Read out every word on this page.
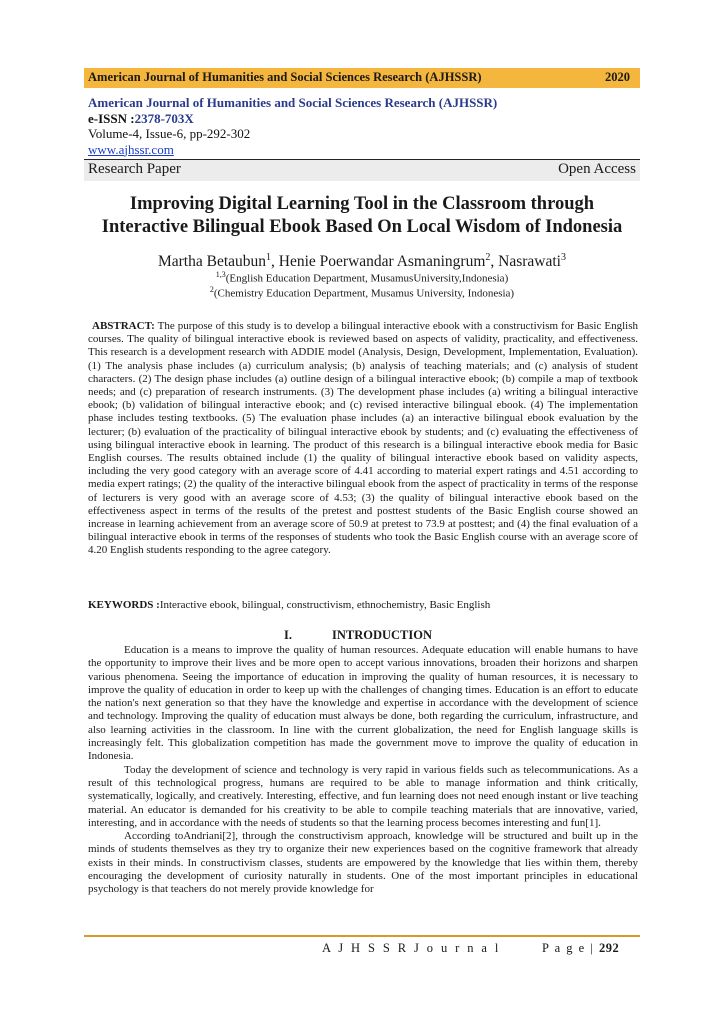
American Journal of Humanities and Social Sciences Research (AJHSSR)	2020
American Journal of Humanities and Social Sciences Research (AJHSSR)
e-ISSN :2378-703X
Volume-4, Issue-6, pp-292-302
www.ajhssr.com
Research Paper	Open Access
Improving Digital Learning Tool in the Classroom through
Interactive Bilingual Ebook Based On Local Wisdom of Indonesia
Martha Betaubun$^1$, Henie Poerwandar Asmaningrum$^2$, Nasrawati$^3$
$^{1,3}$(English Education Department, MusamusUniversity,Indonesia)
$^2$(Chemistry Education Department, Musamus University, Indonesia)
ABSTRACT: The purpose of this study is to develop a bilingual interactive ebook with a constructivism for Basic English courses. The quality of bilingual interactive ebook is reviewed based on aspects of validity, practicality, and effectiveness. This research is a development research with ADDIE model (Analysis, Design, Development, Implementation, Evaluation). (1) The analysis phase includes (a) curriculum analysis; (b) analysis of teaching materials; and (c) analysis of student characters. (2) The design phase includes (a) outline design of a bilingual interactive ebook; (b) compile a map of textbook needs; and (c) preparation of research instruments. (3) The development phase includes (a) writing a bilingual interactive ebook; (b) validation of bilingual interactive ebook; and (c) revised interactive bilingual ebook. (4) The implementation phase includes testing textbooks. (5) The evaluation phase includes (a) an interactive bilingual ebook evaluation by the lecturer; (b) evaluation of the practicality of bilingual interactive ebook by students; and (c) evaluating the effectiveness of using bilingual interactive ebook in learning. The product of this research is a bilingual interactive ebook media for Basic English courses. The results obtained include (1) the quality of bilingual interactive ebook based on validity aspects, including the very good category with an average score of 4.41 according to material expert ratings and 4.51 according to media expert ratings; (2) the quality of the interactive bilingual ebook from the aspect of practicality in terms of the response of lecturers is very good with an average score of 4.53; (3) the quality of bilingual interactive ebook based on the effectiveness aspect in terms of the results of the pretest and posttest students of the Basic English course showed an increase in learning achievement from an average score of 50.9 at pretest to 73.9 at posttest; and (4) the final evaluation of a bilingual interactive ebook in terms of the responses of students who took the Basic English course with an average score of 4.20 English students responding to the agree category.
KEYWORDS :Interactive ebook, bilingual, constructivism, ethnochemistry, Basic English
I.	INTRODUCTION

Education is a means to improve the quality of human resources. Adequate education will enable humans to have the opportunity to improve their lives and be more open to accept various innovations, broaden their horizons and sharpen various phenomena. Seeing the importance of education in improving the quality of human resources, it is necessary to improve the quality of education in order to keep up with the challenges of changing times. Education is an effort to educate the nation's next generation so that they have the knowledge and expertise in accordance with the development of science and technology. Improving the quality of education must always be done, both regarding the curriculum, infrastructure, and also learning activities in the classroom. In line with the current globalization, the need for English language skills is increasingly felt. This globalization competition has made the government move to improve the quality of education in Indonesia.

Today the development of science and technology is very rapid in various fields such as telecommunications. As a result of this technological progress, humans are required to be able to manage information and think critically, systematically, logically, and creatively. Interesting, effective, and fun learning does not need enough instant or live teaching material. An educator is demanded for his creativity to be able to compile teaching materials that are innovative, varied, interesting, and in accordance with the needs of students so that the learning process becomes interesting and fun[1].

According toAndriani[2], through the constructivism approach, knowledge will be structured and built up in the minds of students themselves as they try to organize their new experiences based on the cognitive framework that already exists in their minds. In constructivism classes, students are empowered by the knowledge that lies within them, thereby encouraging the development of curiosity naturally in students. One of the most important principles in educational psychology is that teachers do not merely provide knowledge for

A J H S S R J o u r n a l	P a g e | 292
